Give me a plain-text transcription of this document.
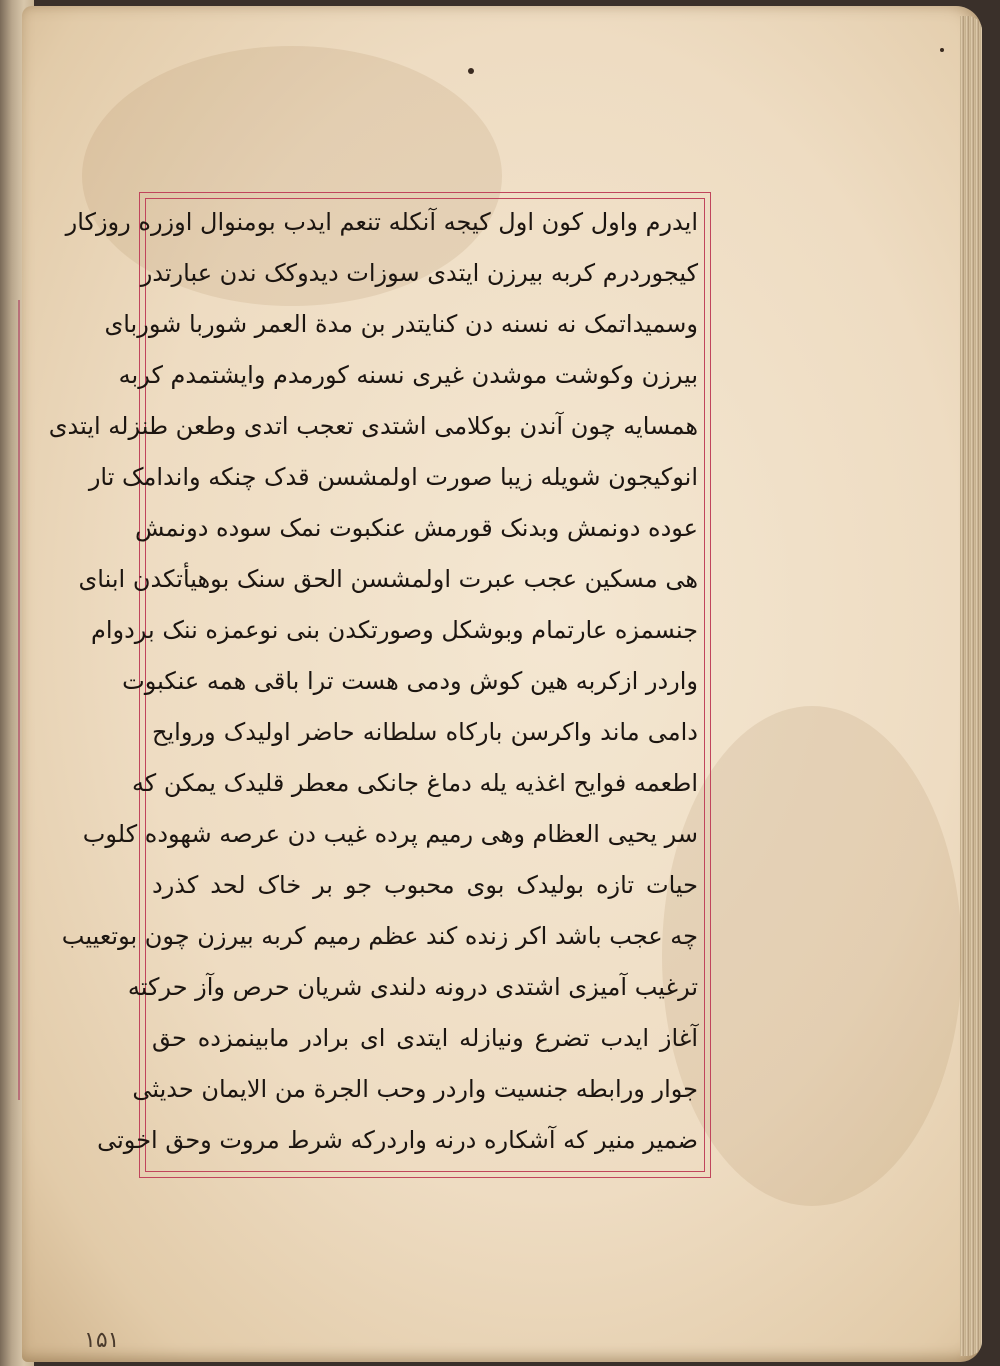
ایدرم واول کون اول کیجه آنکله تنعم ایدب بومنوال اوزره روزکار
کیجوردرم کربه بیرزن ایتدی سوزات دیدوکک ندن عبارتدر
وسمیداتمک نه نسنه دن کنایتدر بن مدة العمر شوربا شوربای
بیرزن وکوشت موشدن غیری نسنه کورمدم وایشتمدم کربه
همسایه چون آندن بوکلامی اشتدی تعجب اتدی وطعن طنزله ایتدی
انوکیجون شویله زیبا صورت اولمشسن قدک چنکه واندامک تار
عوده دونمش وبدنک قورمش عنکبوت نمک سوده دونمش
هی مسکین عجب عبرت اولمشسن الحق سنک بوهیأتکدن ابنای
جنسمزه عارتمام وبوشکل وصورتکدن بنی نوعمزه ننک بردوام
واردر ازکربه هین کوش ودمی هست ترا باقی همه عنکبوت
دامی ماند واکرسن بارکاه سلطانه حاضر اولیدک وروایح
اطعمه فوایح اغذیه یله دماغ جانکی معطر قلیدک یمکن که
سر یحیی العظام وهی رمیم پرده غیب دن عرصه شهوده کلوب
حیات تازه بولیدک بوی محبوب جو بر خاک لحد کذرد
چه عجب باشد اکر زنده کند عظم رمیم کربه بیرزن چون بوتعییب
ترغیب آمیزی اشتدی درونه دلندی شریان حرص وآز حرکته
آغاز ایدب تضرع ونیازله ایتدی ای برادر مابینمزده حق
جوار ورابطه جنسیت واردر وحب الجرة من الایمان حدیثی
ضمیر منیر که آشکاره درنه واردرکه شرط مروت وحق اخوتی
۱۵۱
